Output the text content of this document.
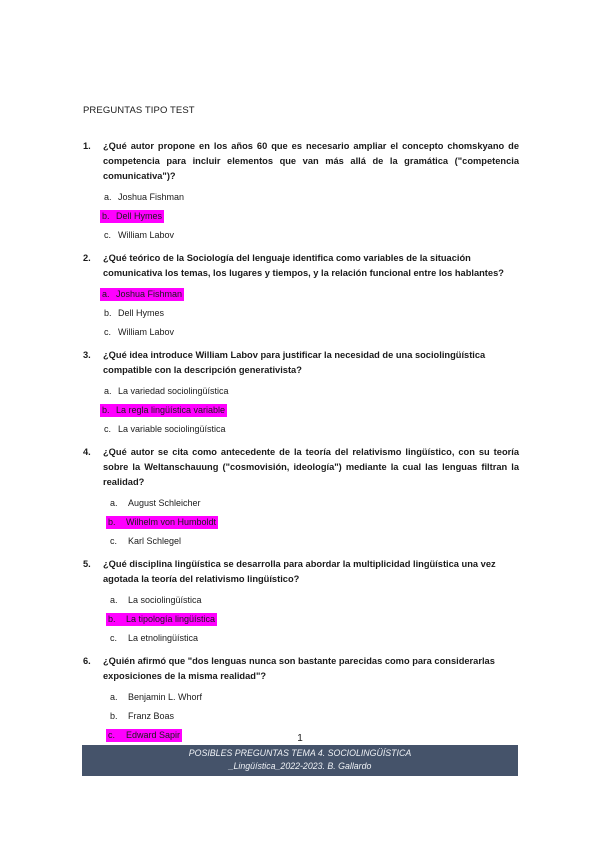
PREGUNTAS TIPO TEST
1.	¿Qué autor propone en los años 60 que es necesario ampliar el concepto chomskyano de competencia para incluir elementos que van más allá de la gramática ("competencia comunicativa")?
a. Joshua Fishman
b. Dell Hymes
c. William Labov
2.	¿Qué teórico de la Sociología del lenguaje identifica como variables de la situación comunicativa los temas, los lugares y tiempos, y la relación funcional entre los hablantes?
a. Joshua Fishman
b. Dell Hymes
c. William Labov
3.	¿Qué idea introduce William Labov para justificar la necesidad de una sociolingüística compatible con la descripción generativista?
a. La variedad sociolingüística
b. La regla lingüística variable
c. La variable sociolingüística
4.	¿Qué autor se cita como antecedente de la teoría del relativismo lingüístico, con su teoría sobre la Weltanschauung ("cosmovisión, ideología") mediante la cual las lenguas filtran la realidad?
a. August Schleicher
b. Wilhelm von Humboldt
c. Karl Schlegel
5.	¿Qué disciplina lingüística se desarrolla para abordar la multiplicidad lingüística una vez agotada la teoría del relativismo lingüístico?
a. La sociolingüística
b. La tipología lingüística
c. La etnolingüística
6.	¿Quién afirmó que "dos lenguas nunca son bastante parecidas como para considerarlas exposiciones de la misma realidad"?
a. Benjamin L. Whorf
b. Franz Boas
c. Edward Sapir	1
POSIBLES PREGUNTAS TEMA 4. SOCIOLINGÜÍSTICA
_Lingüística_2022-2023. B. Gallardo
